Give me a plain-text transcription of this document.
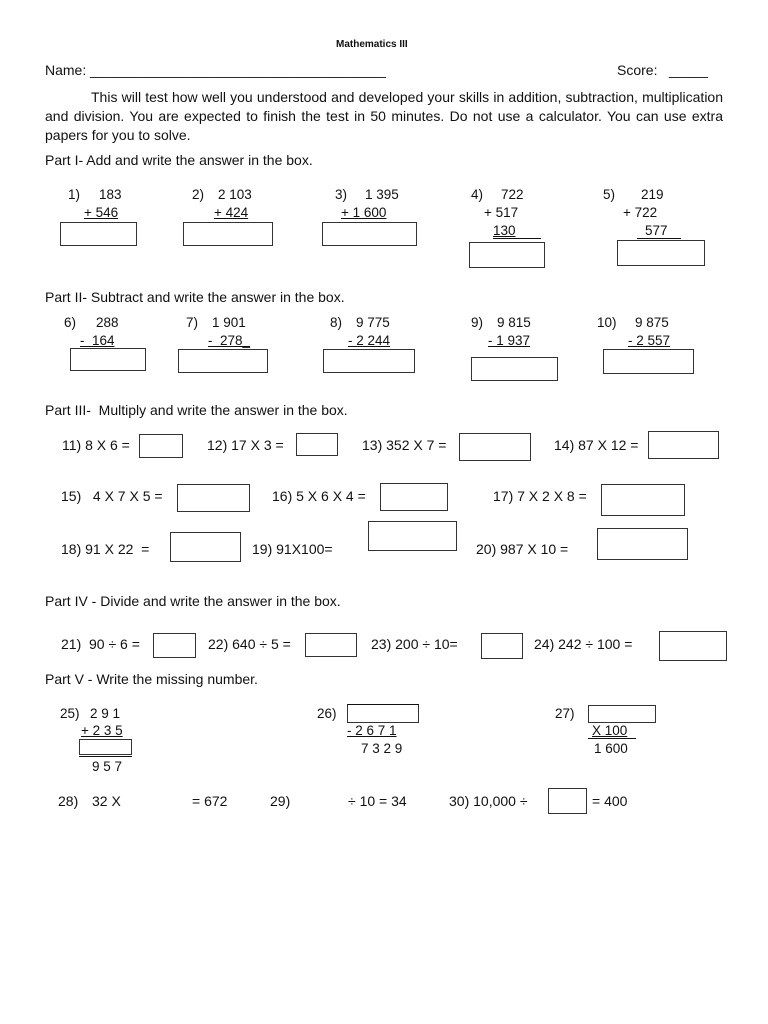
Mathematics III
Name: ______________________________________	Score: _____
This will test how well you understood and developed your skills in addition, subtraction, multiplication and division. You are expected to finish the test in 50 minutes. Do not use a calculator. You can use extra papers for you to solve.
Part I- Add and write the answer in the box.
1) 183
+ 546
2) 2 103
+ 424
3) 1 395
+ 1 600
4) 722
+ 517
130
5) 219
+ 722
577
Part II- Subtract and write the answer in the box.
6) 288
-  164
7) 1 901
-  278_
8) 9 775
- 2 244
9) 9 815
- 1 937
10) 9 875
- 2 557
Part III-  Multiply and write the answer in the box.
11) 8 X 6 =	12) 17 X 3 =	13) 352 X 7 =	14) 87 X 12 =
15)   4 X 7 X 5 =	16) 5 X 6 X 4 =	17) 7 X 2 X 8 =
18) 91 X 22  =	19) 91X100=	20) 987 X 10 =
Part IV - Divide and write the answer in the box.
21)  90 ÷ 6 =	22) 640 ÷ 5 =	23) 200 ÷ 10=	24) 242 ÷ 100 =
Part V - Write the missing number.
25) 2 9 1
+ 2 3 5
9 5 7
26)
- 2 6 7 1
7 3 2 9
27)
X 100
1 600
28) 32 X	= 672	29)	÷ 10 = 34	30) 10,000 ÷	= 400
